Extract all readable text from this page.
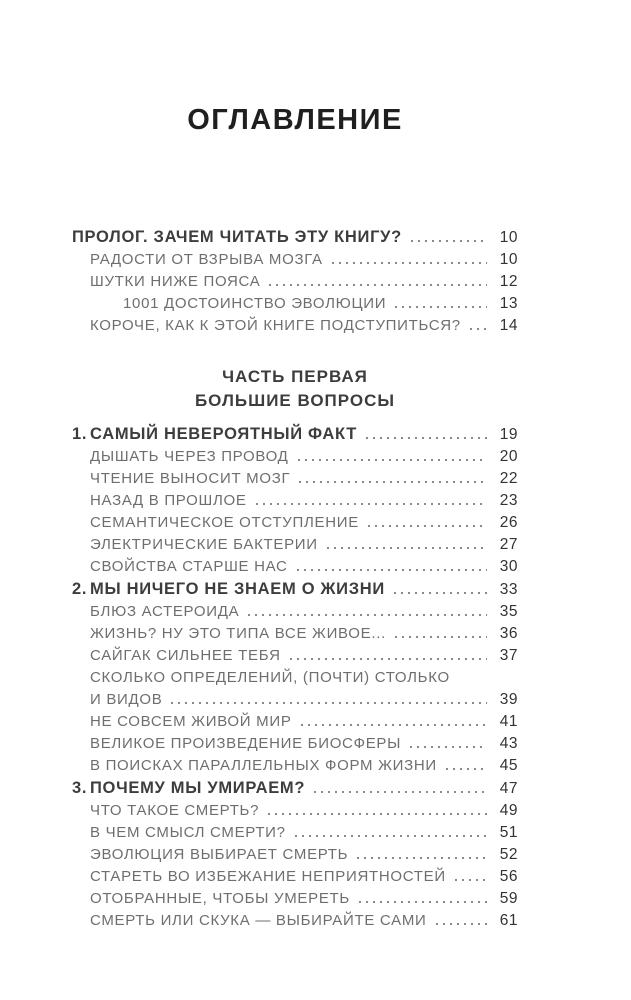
ОГЛАВЛЕНИЕ
ПРОЛОГ. ЗАЧЕМ ЧИТАТЬ ЭТУ КНИГУ?	10
РАДОСТИ ОТ ВЗРЫВА МОЗГА	10
ШУТКИ НИЖЕ ПОЯСА	12
1001 ДОСТОИНСТВО ЭВОЛЮЦИИ	13
КОРОЧЕ, КАК К ЭТОЙ КНИГЕ ПОДСТУПИТЬСЯ?	14
ЧАСТЬ ПЕРВАЯ
БОЛЬШИЕ ВОПРОСЫ
1. САМЫЙ НЕВЕРОЯТНЫЙ ФАКТ	19
ДЫШАТЬ ЧЕРЕЗ ПРОВОД	20
ЧТЕНИЕ ВЫНОСИТ МОЗГ	22
НАЗАД В ПРОШЛОЕ	23
СЕМАНТИЧЕСКОЕ ОТСТУПЛЕНИЕ	26
ЭЛЕКТРИЧЕСКИЕ БАКТЕРИИ	27
СВОЙСТВА СТАРШЕ НАС	30
2. МЫ НИЧЕГО НЕ ЗНАЕМ О ЖИЗНИ	33
БЛЮЗ АСТЕРОИДА	35
ЖИЗНЬ? НУ ЭТО ТИПА ВСЕ ЖИВОЕ...	36
САЙГАК СИЛЬНЕЕ ТЕБЯ	37
СКОЛЬКО ОПРЕДЕЛЕНИЙ, (ПОЧТИ) СТОЛЬКО
И ВИДОВ	39
НЕ СОВСЕМ ЖИВОЙ МИР	41
ВЕЛИКОЕ ПРОИЗВЕДЕНИЕ БИОСФЕРЫ	43
В ПОИСКАХ ПАРАЛЛЕЛЬНЫХ ФОРМ ЖИЗНИ	45
3. ПОЧЕМУ МЫ УМИРАЕМ?	47
ЧТО ТАКОЕ СМЕРТЬ?	49
В ЧЕМ СМЫСЛ СМЕРТИ?	51
ЭВОЛЮЦИЯ ВЫБИРАЕТ СМЕРТЬ	52
СТАРЕТЬ ВО ИЗБЕЖАНИЕ НЕПРИЯТНОСТЕЙ	56
ОТОБРАННЫЕ, ЧТОБЫ УМЕРЕТЬ	59
СМЕРТЬ ИЛИ СКУКА — ВЫБИРАЙТЕ САМИ	61
